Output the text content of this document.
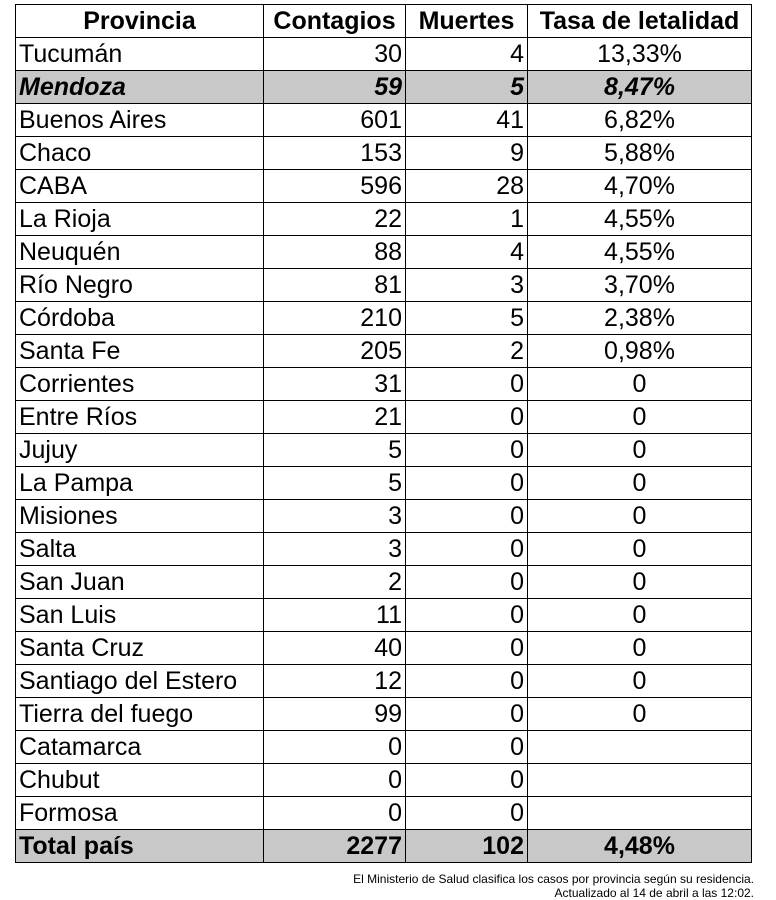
Provincia	Contagios	Muertes	Tasa de letalidad
Tucumán	30	4	13,33%
Mendoza	59	5	8,47%
Buenos Aires	601	41	6,82%
Chaco	153	9	5,88%
CABA	596	28	4,70%
La Rioja	22	1	4,55%
Neuquén	88	4	4,55%
Río Negro	81	3	3,70%
Córdoba	210	5	2,38%
Santa Fe	205	2	0,98%
Corrientes	31	0	0
Entre Ríos	21	0	0
Jujuy	5	0	0
La Pampa	5	0	0
Misiones	3	0	0
Salta	3	0	0
San Juan	2	0	0
San Luis	11	0	0
Santa Cruz	40	0	0
Santiago del Estero	12	0	0
Tierra del fuego	99	0	0
Catamarca	0	0	
Chubut	0	0	
Formosa	0	0	
Total país	2277	102	4,48%
El Ministerio de Salud clasifica los casos por provincia según su residencia.
Actualizado al 14 de abril a las 12:02.
